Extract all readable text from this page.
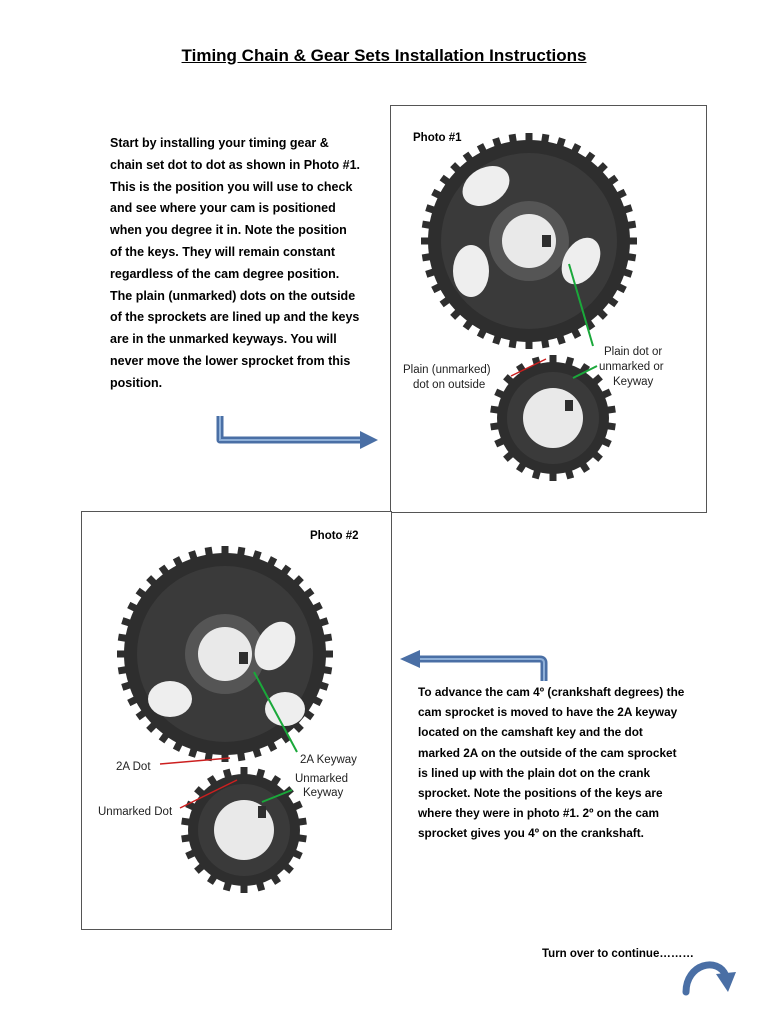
Timing Chain & Gear Sets Installation Instructions

Start by installing your timing gear & chain set dot to dot as shown in Photo #1. This is the position you will use to check and see where your cam is positioned when you degree it in. Note the position of the keys. They will remain constant regardless of the cam degree position. The plain (unmarked) dots on the outside of the sprockets are lined up and the keys are in the unmarked keyways. You will never move the lower sprocket from this position.

Photo #1
Plain (unmarked)
dot on outside
Plain dot or
unmarked or
Keyway
Photo #2
2A Dot
2A Keyway
Unmarked
Keyway
Unmarked Dot

To advance the cam 4º (crankshaft degrees) the cam sprocket is moved to have the 2A keyway located on the camshaft key and the dot marked 2A on the outside of the cam sprocket is lined up with the plain dot on the crank sprocket. Note the positions of the keys are where they were in photo #1. 2º on the cam sprocket gives you 4º on the crankshaft.

Turn over to continue………
